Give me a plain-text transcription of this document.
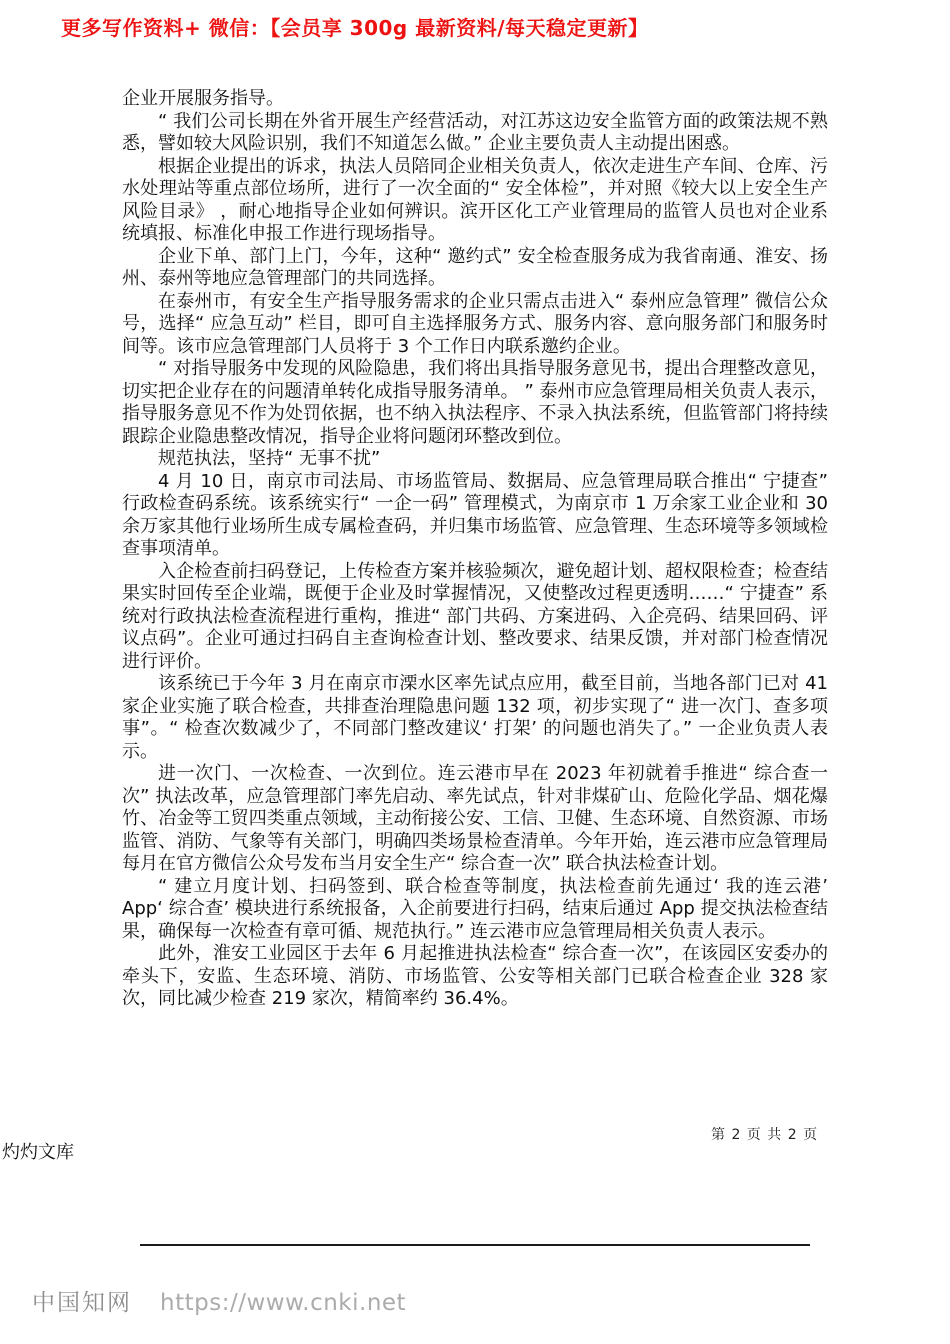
更多写作资料+ 微信：【会员享 300g 最新资料/每天稳定更新】

企业开展服务指导。

“ 我们公司长期在外省开展生产经营活动，对江苏这边安全监管方面的政策法规不熟悉，譬如较大风险识别，我们不知道怎么做。” 企业主要负责人主动提出困惑。

根据企业提出的诉求，执法人员陪同企业相关负责人，依次走进生产车间、仓库、污水处理站等重点部位场所，进行了一次全面的“ 安全体检”，并对照《较大以上安全生产风险目录》 ，耐心地指导企业如何辨识。滨开区化工产业管理局的监管人员也对企业系统填报、标准化申报工作进行现场指导。

企业下单、部门上门，今年，这种“ 邀约式” 安全检查服务成为我省南通、淮安、扬州、泰州等地应急管理部门的共同选择。

在泰州市，有安全生产指导服务需求的企业只需点击进入“ 泰州应急管理” 微信公众号，选择“ 应急互动” 栏目，即可自主选择服务方式、服务内容、意向服务部门和服务时间等。该市应急管理部门人员将于 3 个工作日内联系邀约企业。

“ 对指导服务中发现的风险隐患，我们将出具指导服务意见书，提出合理整改意见，切实把企业存在的问题清单转化成指导服务清单。 ” 泰州市应急管理局相关负责人表示，指导服务意见不作为处罚依据，也不纳入执法程序、不录入执法系统，但监管部门将持续跟踪企业隐患整改情况，指导企业将问题闭环整改到位。

规范执法，坚持“ 无事不扰”

4 月 10 日，南京市司法局、市场监管局、数据局、应急管理局联合推出“ 宁捷查” 行政检查码系统。该系统实行“ 一企一码” 管理模式，为南京市 1 万余家工业企业和 30 余万家其他行业场所生成专属检查码，并归集市场监管、应急管理、生态环境等多领域检查事项清单。

入企检查前扫码登记，上传检查方案并核验频次，避免超计划、超权限检查；检查结果实时回传至企业端，既便于企业及时掌握情况，又使整改过程更透明……“ 宁捷查” 系统对行政执法检查流程进行重构，推进“ 部门共码、方案进码、入企亮码、结果回码、评议点码”。企业可通过扫码自主查询检查计划、整改要求、结果反馈，并对部门检查情况进行评价。

该系统已于今年 3 月在南京市溧水区率先试点应用，截至目前，当地各部门已对 41 家企业实施了联合检查，共排查治理隐患问题 132 项，初步实现了“ 进一次门、查多项事”。“ 检查次数减少了，不同部门整改建议‘ 打架’ 的问题也消失了。” 一企业负责人表示。

进一次门、一次检查、一次到位。连云港市早在 2023 年初就着手推进“ 综合查一次” 执法改革，应急管理部门率先启动、率先试点，针对非煤矿山、危险化学品、烟花爆竹、冶金等工贸四类重点领域，主动衔接公安、工信、卫健、生态环境、自然资源、市场监管、消防、气象等有关部门，明确四类场景检查清单。今年开始，连云港市应急管理局每月在官方微信公众号发布当月安全生产“ 综合查一次” 联合执法检查计划。

“ 建立月度计划、扫码签到、联合检查等制度，执法检查前先通过‘ 我的连云港’ App‘ 综合查’ 模块进行系统报备，入企前要进行扫码，结束后通过 App 提交执法检查结果，确保每一次检查有章可循、规范执行。” 连云港市应急管理局相关负责人表示。

此外，淮安工业园区于去年 6 月起推进执法检查“ 综合查一次”，在该园区安委办的牵头下，安监、生态环境、消防、市场监管、公安等相关部门已联合检查企业 328 家次，同比减少检查 219 家次，精简率约 36.4%。

第 2 页 共 2 页
灼灼文库
中国知网 https://www.cnki.net
